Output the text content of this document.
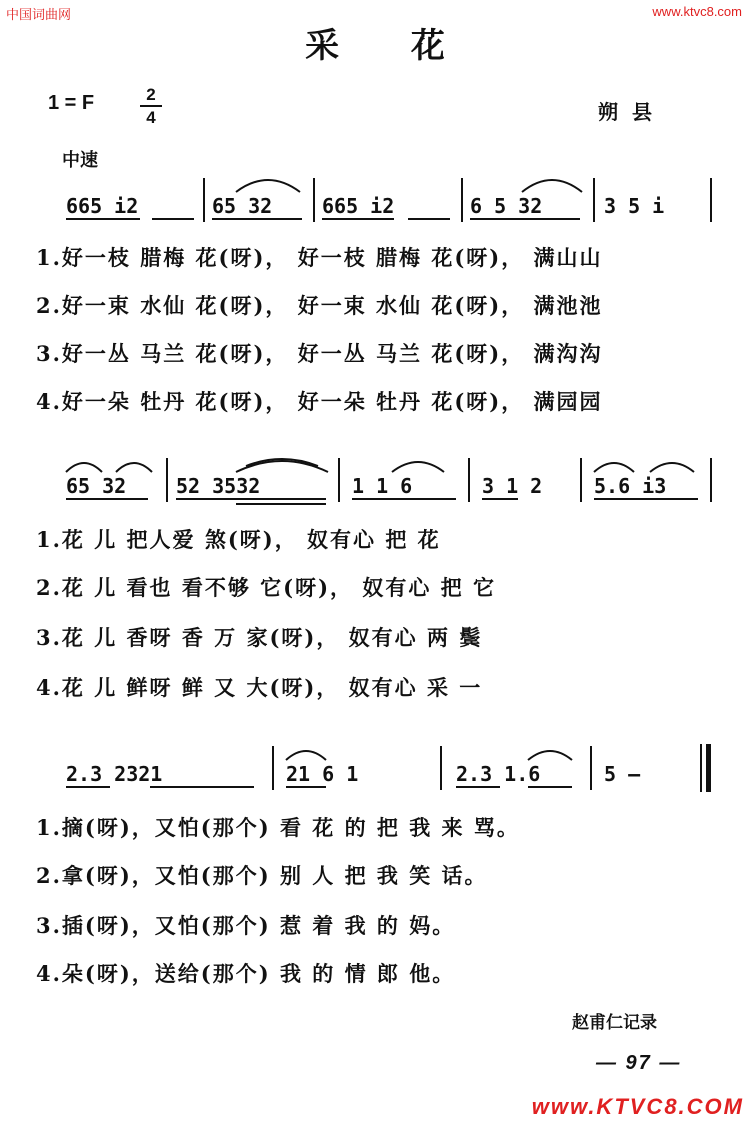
中国词曲网	www.ktvc8.com
采 花
1 = F	2
4	朔县
中速
665 i2	65 32 665 i2	6 5 32	3 5 i
1.好一枝 腊梅 花(呀)， 好一枝 腊梅 花(呀)， 满山山
2.好一束 水仙 花(呀)， 好一束 水仙 花(呀)， 满池池
3.好一丛 马兰 花(呀)， 好一丛 马兰 花(呀)， 满沟沟
4.好一朵 牡丹 花(呀)， 好一朵 牡丹 花(呀)， 满园园
65 32 52 3532	1 1 6	3 1 2	5.6 i3
1.花 儿 把人爱 煞(呀)， 奴有心 把 花
2.花 儿 看也 看不够 它(呀)， 奴有心 把 它
3.花 儿 香呀 香 万 家(呀)， 奴有心 两 鬓
4.花 儿 鲜呀 鲜 又 大(呀)， 奴有心 采 一
2.3 2321	21 6 1	2.3 1.6	5 —
1.摘(呀)，又怕(那个) 看 花 的 把 我 来 骂。
2.拿(呀)，又怕(那个) 别 人 把 我 笑 话。
3.插(呀)，又怕(那个) 惹 着 我 的 妈。
4.朵(呀)，送给(那个) 我 的 情 郎 他。
赵甫仁记录
— 97 —
www.KTVC8.COM
